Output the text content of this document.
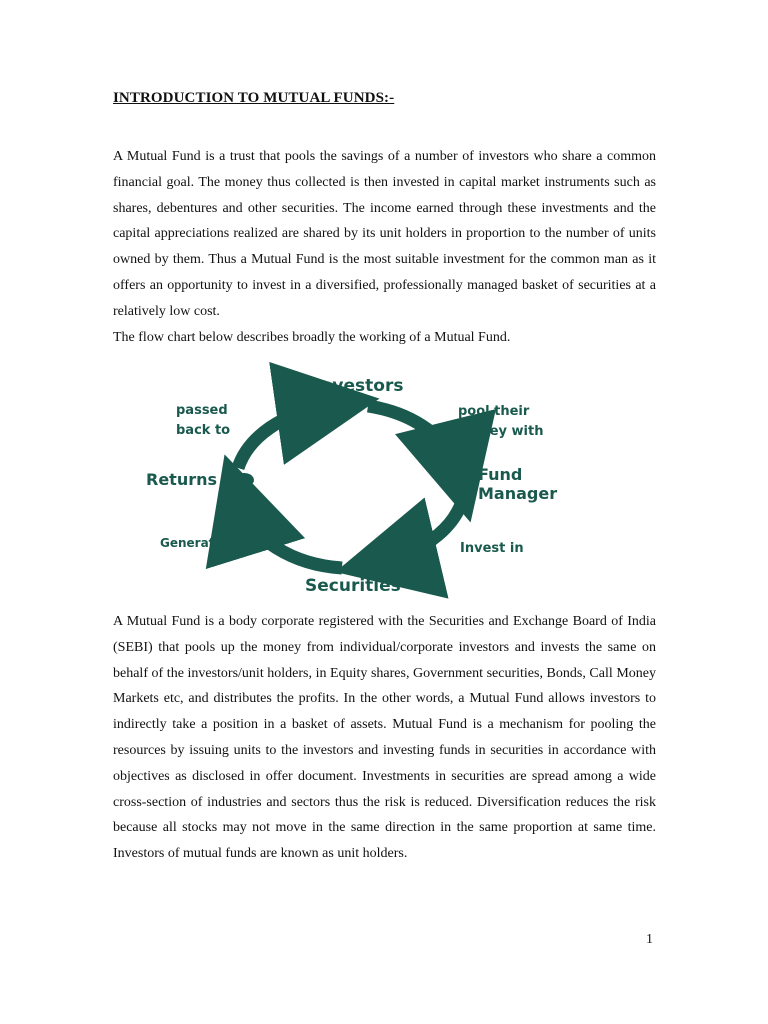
INTRODUCTION TO MUTUAL FUNDS:-
A Mutual Fund is a trust that pools the savings of a number of investors who share a common financial goal. The money thus collected is then invested in capital market instruments such as shares, debentures and other securities. The income earned through these investments and the capital appreciations realized are shared by its unit holders in proportion to the number of units owned by them. Thus a Mutual Fund is the most suitable investment for the common man as it offers an opportunity to invest in a diversified, professionally managed basket of securities at a relatively low cost.
The flow chart below describes broadly the working of a Mutual Fund.
Investors
Fund
Manager
Securities
Returns
pool their
money with
Invest in
Generates
passed
back to

A Mutual Fund is a body corporate registered with the Securities and Exchange Board of India (SEBI) that pools up the money from individual/corporate investors and invests the same on behalf of the investors/unit holders, in Equity shares, Government securities, Bonds, Call Money Markets etc, and distributes the profits. In the other words, a Mutual Fund allows investors to indirectly take a position in a basket of assets. Mutual Fund is a mechanism for pooling the resources by issuing units to the investors and investing funds in securities in accordance with objectives as disclosed in offer document. Investments in securities are spread among a wide cross-section of industries and sectors thus the risk is reduced. Diversification reduces the risk because all stocks may not move in the same direction in the same proportion at same time. Investors of mutual funds are known as unit holders.

1
